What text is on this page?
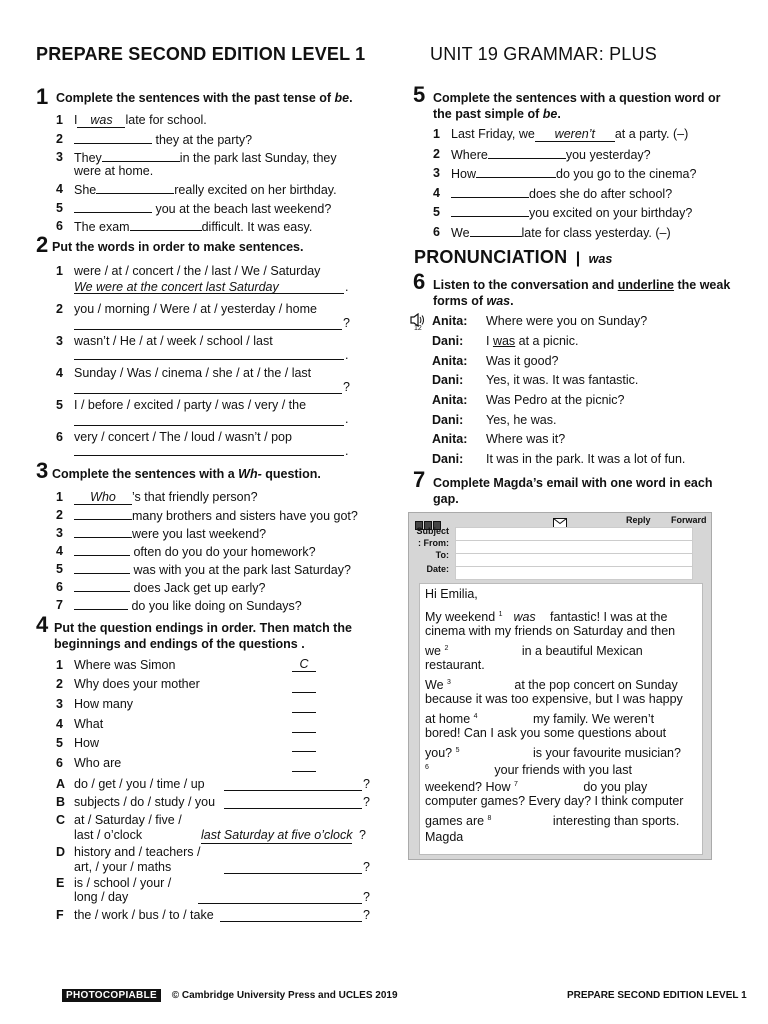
PREPARE SECOND EDITION LEVEL 1	UNIT 19 GRAMMAR: PLUS
1 Complete the sentences with the past tense of be.
1 I was late for school.
2	they at the party?
3 They	in the park last Sunday, they
were at home.
4 She	really excited on her birthday.
5	you at the beach last weekend?
6 The exam	difficult. It was easy.
2 Put the words in order to make sentences.
1 were / at / concert / the / last / We / Saturday
We were at the concert last Saturday	.
2 you / morning / Were / at / yesterday / home
?
3 wasn’t / He / at / week / school / last
.
4 Sunday / Was / cinema / she / at / the / last
?
5 I / before / excited / party / was / very / the
.
6 very / concert / The / loud / wasn’t / pop
.
3 Complete the sentences with a Wh- question.
1	Who ’s that friendly person?
2	many brothers and sisters have you got?
3	were you last weekend?
4	often do you do your homework?
5	was with you at the park last Saturday?
6	does Jack get up early?
7	do you like doing on Sundays?
4 Put the question endings in order. Then match the
beginnings and endings of the questions .
1 Where was Simon	C
2 Why does your mother
3 How many
4 What
5 How
6 Who are
A do / get / you / time / up	?
B subjects / do / study / you	?
C at / Saturday / five /
last / o’clock	last Saturday at five o’clock ?
D history and / teachers /
art, / your / maths	?
E is / school / your /
long / day	?
F the / work / bus / to / take	?
5 Complete the sentences with a question word or
the past simple of be.
1 Last Friday, we weren’t at a party. (–)
2 Where	you yesterday?
3 How	do you go to the cinema?
4	does she do after school?
5	you excited on your birthday?
6 We	late for class yesterday. (–)
PRONUNCIATION | was
6 Listen to the conversation and underline the weak
forms of was.
12
Anita: Where were you on Sunday?
Dani: I was at a picnic.
Anita: Was it good?
Dani: Yes, it was. It was fantastic.
Anita: Was Pedro at the picnic?
Dani: Yes, he was.
Anita: Where was it?
Dani: It was in the park. It was a lot of fun.
7 Complete Magda’s email with one word in each
gap.
Reply Forward
Subject
: From:
To:
Date:
Hi Emilia,
My weekend $^1$ was fantastic! I was at the
cinema with my friends on Saturday and then
we $^2$	in a beautiful Mexican
restaurant.
We $^3$	at the pop concert on Sunday
because it was too expensive, but I was happy
at home $^4$	my family. We weren’t
bored! Can I ask you some questions about
you? $^5$	is your favourite musician?
$^6$	your friends with you last
weekend? How $^7$	do you play
computer games? Every day? I think computer
games are $^8$	interesting than sports.
Magda
PHOTOCOPIABLE © Cambridge University Press and UCLES 2019	PREPARE SECOND EDITION LEVEL 1
